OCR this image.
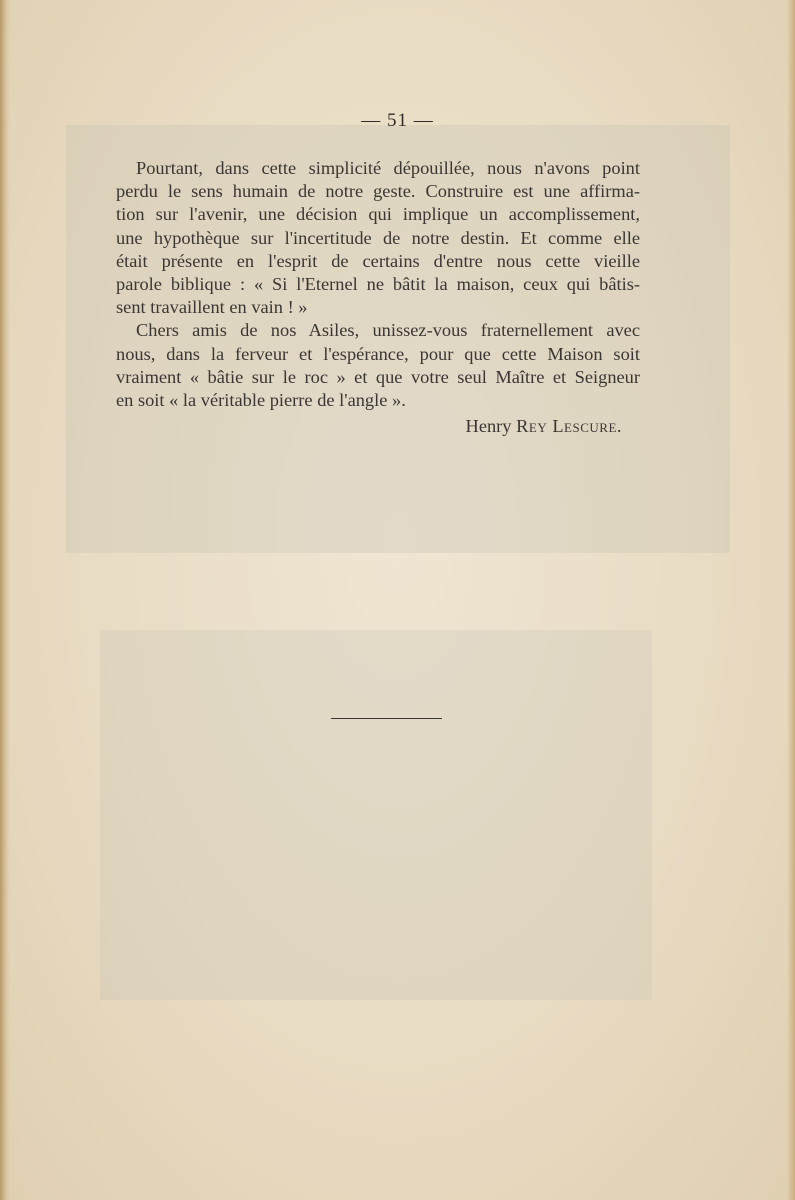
— 51 —

Pourtant, dans cette simplicité dépouillée, nous n'avons point
perdu le sens humain de notre geste. Construire est une affirma-
tion sur l'avenir, une décision qui implique un accomplissement,
une hypothèque sur l'incertitude de notre destin. Et comme elle
était présente en l'esprit de certains d'entre nous cette vieille
parole biblique : « Si l'Eternel ne bâtit la maison, ceux qui bâtis-
sent travaillent en vain ! »

Chers amis de nos Asiles, unissez-vous fraternellement avec
nous, dans la ferveur et l'espérance, pour que cette Maison soit
vraiment « bâtie sur le roc » et que votre seul Maître et Seigneur
en soit « la véritable pierre de l'angle ».

Henry Rey Lescure.
